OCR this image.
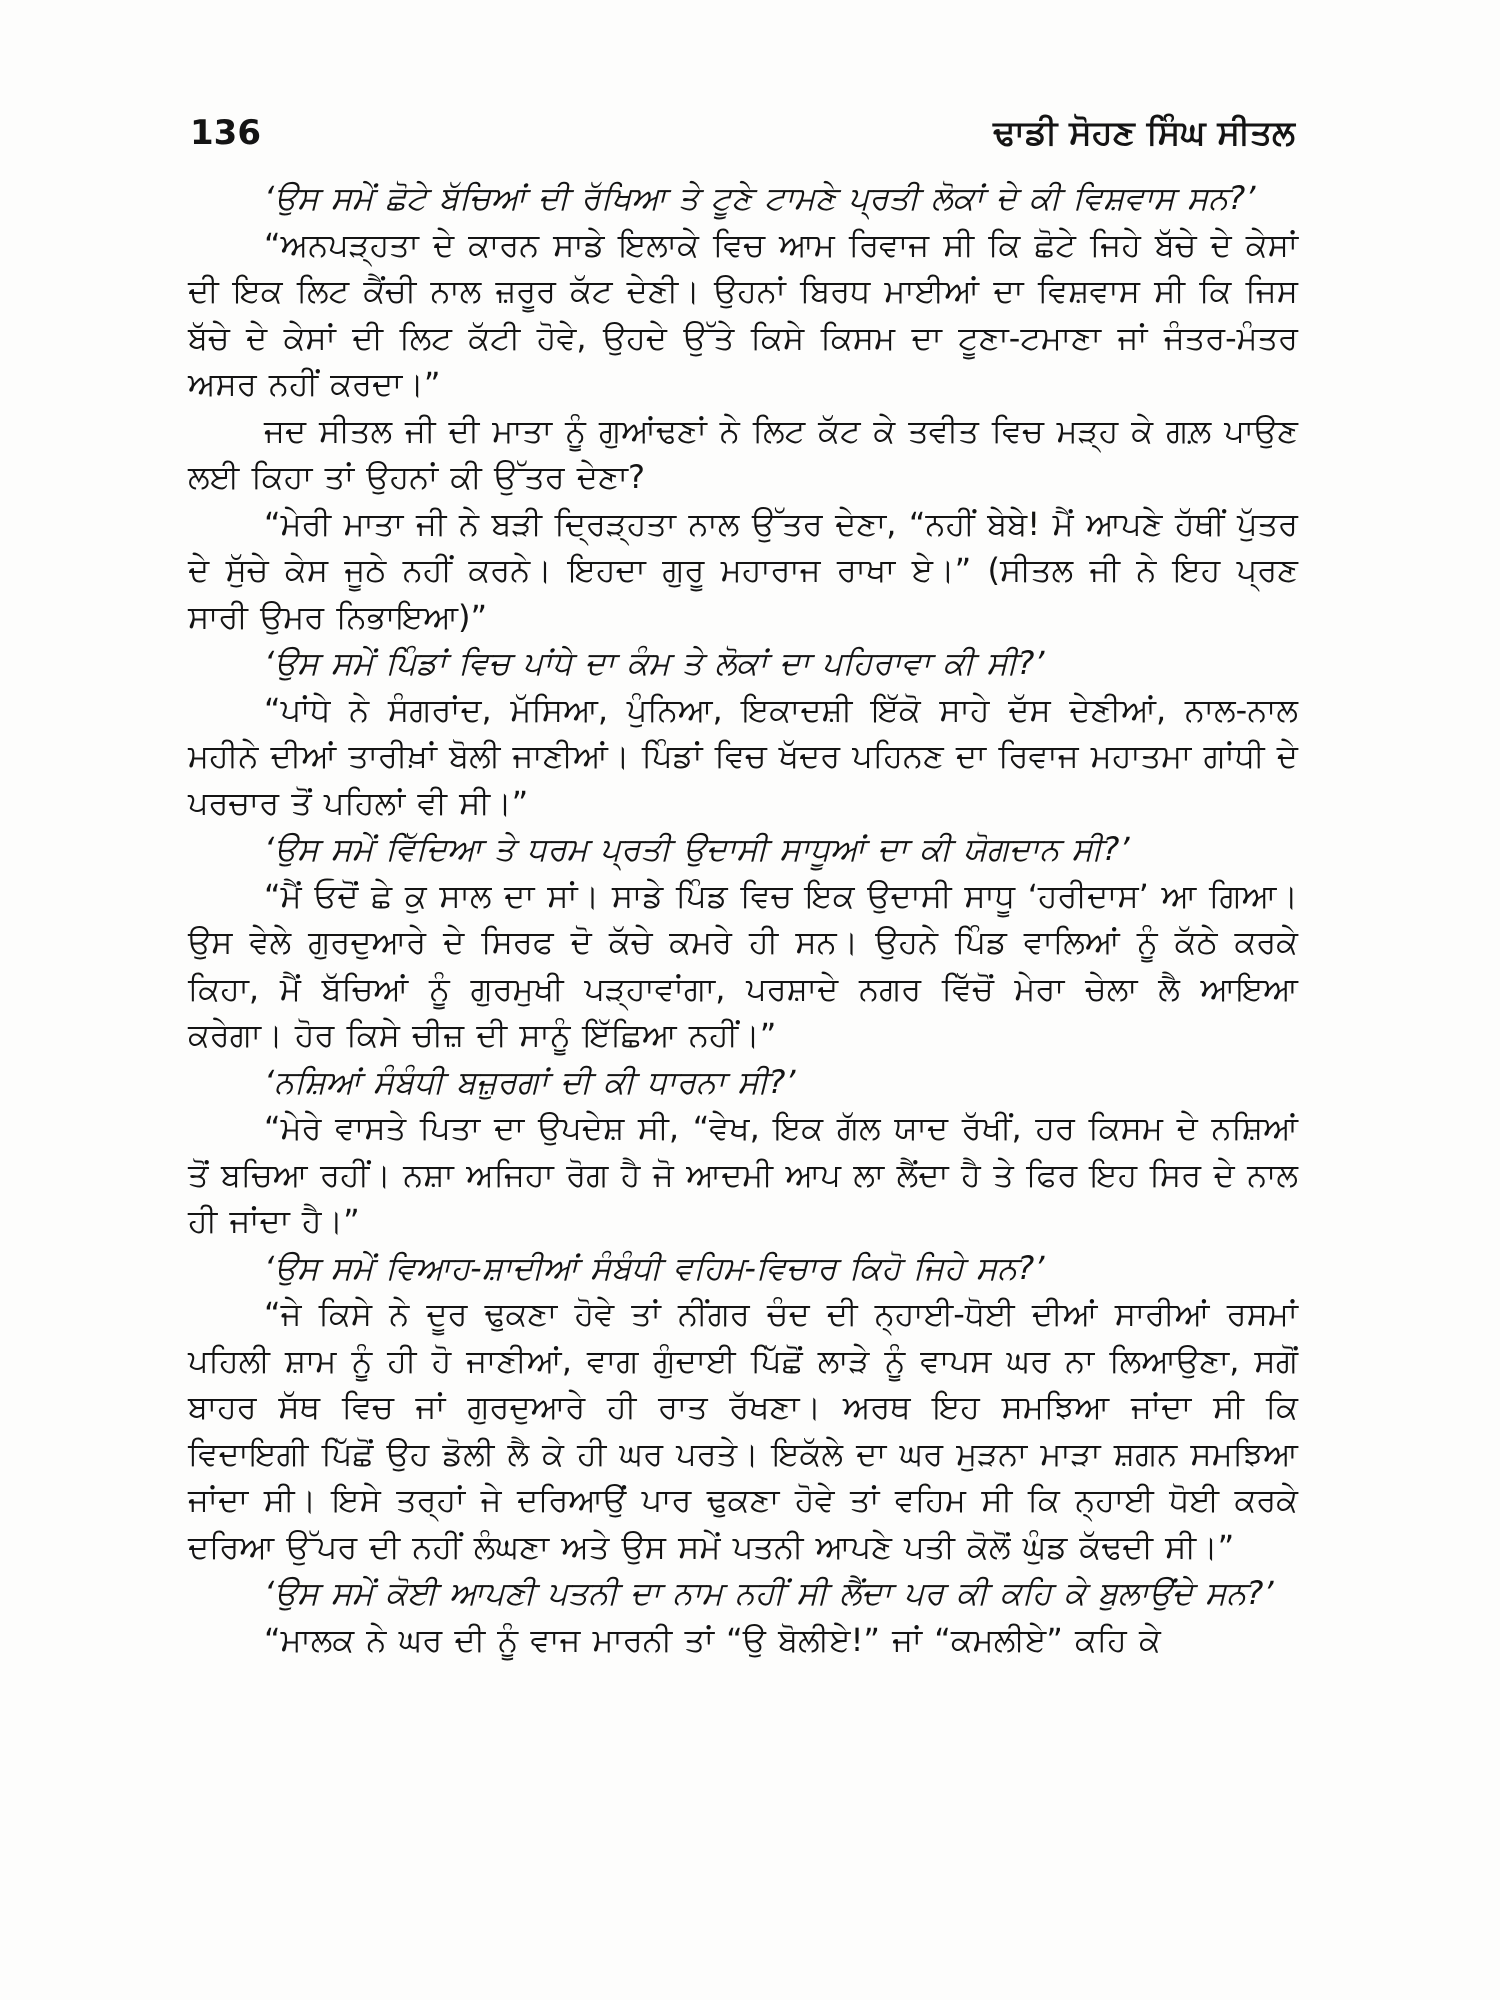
136	ਢਾਡੀ ਸੋਹਣ ਸਿੰਘ ਸੀਤਲ

‘ਉਸ ਸਮੇਂ ਛੋਟੇ ਬੱਚਿਆਂ ਦੀ ਰੱਖਿਆ ਤੇ ਟੂਣੇ ਟਾਮਣੇ ਪ੍ਰਤੀ ਲੋਕਾਂ ਦੇ ਕੀ ਵਿਸ਼ਵਾਸ ਸਨ?’

“ਅਨਪੜ੍ਹਤਾ ਦੇ ਕਾਰਨ ਸਾਡੇ ਇਲਾਕੇ ਵਿਚ ਆਮ ਰਿਵਾਜ ਸੀ ਕਿ ਛੋਟੇ ਜਿਹੇ ਬੱਚੇ ਦੇ ਕੇਸਾਂ ਦੀ ਇਕ ਲਿਟ ਕੈਂਚੀ ਨਾਲ ਜ਼ਰੂਰ ਕੱਟ ਦੇਣੀ। ਉਹਨਾਂ ਬਿਰਧ ਮਾਈਆਂ ਦਾ ਵਿਸ਼ਵਾਸ ਸੀ ਕਿ ਜਿਸ ਬੱਚੇ ਦੇ ਕੇਸਾਂ ਦੀ ਲਿਟ ਕੱਟੀ ਹੋਵੇ, ਉਹਦੇ ਉੱਤੇ ਕਿਸੇ ਕਿਸਮ ਦਾ ਟੂਣਾ-ਟਮਾਣਾ ਜਾਂ ਜੰਤਰ-ਮੰਤਰ ਅਸਰ ਨਹੀਂ ਕਰਦਾ।”

ਜਦ ਸੀਤਲ ਜੀ ਦੀ ਮਾਤਾ ਨੂੰ ਗੁਆਂਢਣਾਂ ਨੇ ਲਿਟ ਕੱਟ ਕੇ ਤਵੀਤ ਵਿਚ ਮੜ੍ਹ ਕੇ ਗਲ਼ ਪਾਉਣ ਲਈ ਕਿਹਾ ਤਾਂ ਉਹਨਾਂ ਕੀ ਉੱਤਰ ਦੇਣਾ?

“ਮੇਰੀ ਮਾਤਾ ਜੀ ਨੇ ਬੜੀ ਦ੍ਰਿੜ੍ਹਤਾ ਨਾਲ ਉੱਤਰ ਦੇਣਾ, “ਨਹੀਂ ਬੇਬੇ! ਮੈਂ ਆਪਣੇ ਹੱਥੀਂ ਪੁੱਤਰ ਦੇ ਸੁੱਚੇ ਕੇਸ ਜੂਠੇ ਨਹੀਂ ਕਰਨੇ। ਇਹਦਾ ਗੁਰੂ ਮਹਾਰਾਜ ਰਾਖਾ ਏ।” (ਸੀਤਲ ਜੀ ਨੇ ਇਹ ਪ੍ਰਣ ਸਾਰੀ ਉਮਰ ਨਿਭਾਇਆ)”

‘ਉਸ ਸਮੇਂ ਪਿੰਡਾਂ ਵਿਚ ਪਾਂਧੇ ਦਾ ਕੰਮ ਤੇ ਲੋਕਾਂ ਦਾ ਪਹਿਰਾਵਾ ਕੀ ਸੀ?’

“ਪਾਂਧੇ ਨੇ ਸੰਗਰਾਂਦ, ਮੱਸਿਆ, ਪੁੰਨਿਆ, ਇਕਾਦਸ਼ੀ ਇੱਕੋ ਸਾਹੇ ਦੱਸ ਦੇਣੀਆਂ, ਨਾਲ-ਨਾਲ ਮਹੀਨੇ ਦੀਆਂ ਤਾਰੀਖ਼ਾਂ ਬੋਲੀ ਜਾਣੀਆਂ। ਪਿੰਡਾਂ ਵਿਚ ਖੱਦਰ ਪਹਿਨਣ ਦਾ ਰਿਵਾਜ ਮਹਾਤਮਾ ਗਾਂਧੀ ਦੇ ਪਰਚਾਰ ਤੋਂ ਪਹਿਲਾਂ ਵੀ ਸੀ।”

‘ਉਸ ਸਮੇਂ ਵਿੱਦਿਆ ਤੇ ਧਰਮ ਪ੍ਰਤੀ ਉਦਾਸੀ ਸਾਧੂਆਂ ਦਾ ਕੀ ਯੋਗਦਾਨ ਸੀ?’

“ਮੈਂ ਓਦੋਂ ਛੇ ਕੁ ਸਾਲ ਦਾ ਸਾਂ। ਸਾਡੇ ਪਿੰਡ ਵਿਚ ਇਕ ਉਦਾਸੀ ਸਾਧੂ ‘ਹਰੀਦਾਸ’ ਆ ਗਿਆ। ਉਸ ਵੇਲੇ ਗੁਰਦੁਆਰੇ ਦੇ ਸਿਰਫ ਦੋ ਕੱਚੇ ਕਮਰੇ ਹੀ ਸਨ। ਉਹਨੇ ਪਿੰਡ ਵਾਲਿਆਂ ਨੂੰ ਕੱਠੇ ਕਰਕੇ ਕਿਹਾ, ਮੈਂ ਬੱਚਿਆਂ ਨੂੰ ਗੁਰਮੁਖੀ ਪੜ੍ਹਾਵਾਂਗਾ, ਪਰਸ਼ਾਦੇ ਨਗਰ ਵਿੱਚੋਂ ਮੇਰਾ ਚੇਲਾ ਲੈ ਆਇਆ ਕਰੇਗਾ। ਹੋਰ ਕਿਸੇ ਚੀਜ਼ ਦੀ ਸਾਨੂੰ ਇੱਛਿਆ ਨਹੀਂ।”

‘ਨਸ਼ਿਆਂ ਸੰਬੰਧੀ ਬਜ਼ੁਰਗਾਂ ਦੀ ਕੀ ਧਾਰਨਾ ਸੀ?’

“ਮੇਰੇ ਵਾਸਤੇ ਪਿਤਾ ਦਾ ਉਪਦੇਸ਼ ਸੀ, “ਵੇਖ, ਇਕ ਗੱਲ ਯਾਦ ਰੱਖੀਂ, ਹਰ ਕਿਸਮ ਦੇ ਨਸ਼ਿਆਂ ਤੋਂ ਬਚਿਆ ਰਹੀਂ। ਨਸ਼ਾ ਅਜਿਹਾ ਰੋਗ ਹੈ ਜੋ ਆਦਮੀ ਆਪ ਲਾ ਲੈਂਦਾ ਹੈ ਤੇ ਫਿਰ ਇਹ ਸਿਰ ਦੇ ਨਾਲ ਹੀ ਜਾਂਦਾ ਹੈ।”

‘ਉਸ ਸਮੇਂ ਵਿਆਹ-ਸ਼ਾਦੀਆਂ ਸੰਬੰਧੀ ਵਹਿਮ-ਵਿਚਾਰ ਕਿਹੋ ਜਿਹੇ ਸਨ?’

“ਜੇ ਕਿਸੇ ਨੇ ਦੂਰ ਢੁਕਣਾ ਹੋਵੇ ਤਾਂ ਨੀਂਗਰ ਚੰਦ ਦੀ ਨ੍ਹਾਈ-ਧੋਈ ਦੀਆਂ ਸਾਰੀਆਂ ਰਸਮਾਂ ਪਹਿਲੀ ਸ਼ਾਮ ਨੂੰ ਹੀ ਹੋ ਜਾਣੀਆਂ, ਵਾਗ ਗੁੰਦਾਈ ਪਿੱਛੋਂ ਲਾੜੇ ਨੂੰ ਵਾਪਸ ਘਰ ਨਾ ਲਿਆਉਣਾ, ਸਗੋਂ ਬਾਹਰ ਸੱਥ ਵਿਚ ਜਾਂ ਗੁਰਦੁਆਰੇ ਹੀ ਰਾਤ ਰੱਖਣਾ। ਅਰਥ ਇਹ ਸਮਝਿਆ ਜਾਂਦਾ ਸੀ ਕਿ ਵਿਦਾਇਗੀ ਪਿੱਛੋਂ ਉਹ ਡੋਲੀ ਲੈ ਕੇ ਹੀ ਘਰ ਪਰਤੇ। ਇਕੱਲੇ ਦਾ ਘਰ ਮੁੜਨਾ ਮਾੜਾ ਸ਼ਗਨ ਸਮਝਿਆ ਜਾਂਦਾ ਸੀ। ਇਸੇ ਤਰ੍ਹਾਂ ਜੇ ਦਰਿਆਉਂ ਪਾਰ ਢੁਕਣਾ ਹੋਵੇ ਤਾਂ ਵਹਿਮ ਸੀ ਕਿ ਨ੍ਹਾਈ ਧੋਈ ਕਰਕੇ ਦਰਿਆ ਉੱਪਰ ਦੀ ਨਹੀਂ ਲੰਘਣਾ ਅਤੇ ਉਸ ਸਮੇਂ ਪਤਨੀ ਆਪਣੇ ਪਤੀ ਕੋਲੋਂ ਘੁੰਡ ਕੱਢਦੀ ਸੀ।”

‘ਉਸ ਸਮੇਂ ਕੋਈ ਆਪਣੀ ਪਤਨੀ ਦਾ ਨਾਮ ਨਹੀਂ ਸੀ ਲੈਂਦਾ ਪਰ ਕੀ ਕਹਿ ਕੇ ਬੁਲਾਉਂਦੇ ਸਨ?’

“ਮਾਲਕ ਨੇ ਘਰ ਦੀ ਨੂੰ ਵਾਜ ਮਾਰਨੀ ਤਾਂ “ਉ ਬੋਲੀਏ!” ਜਾਂ “ਕਮਲੀਏ” ਕਹਿ ਕੇ
